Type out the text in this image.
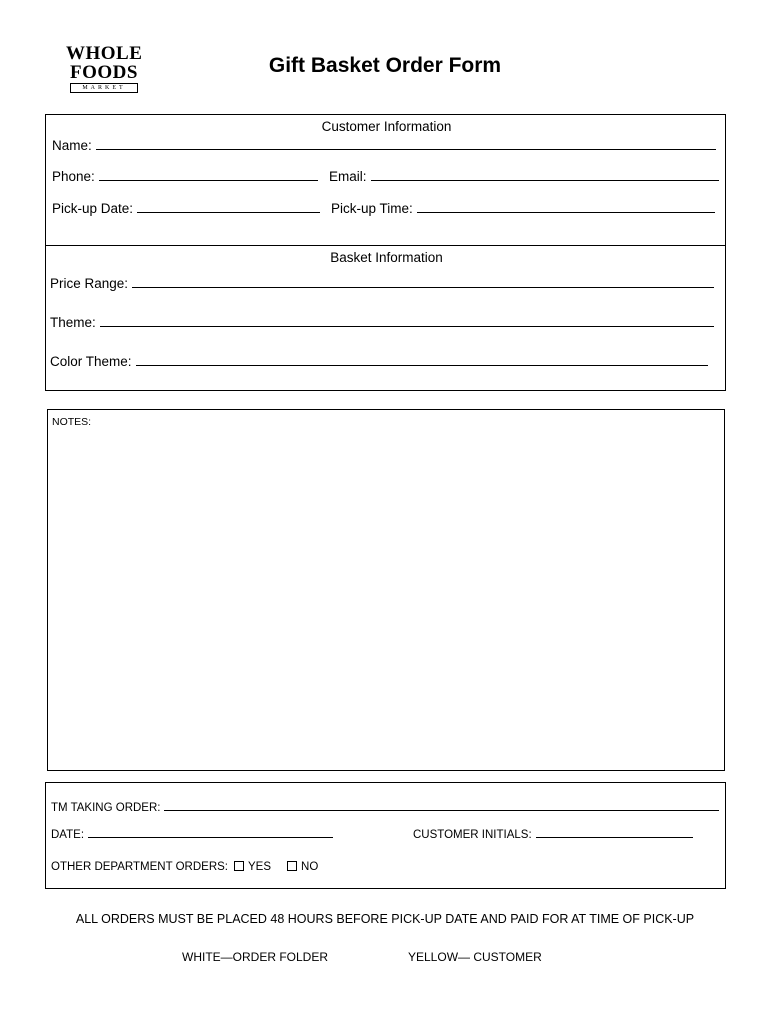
WHOLE
FOODS
MARKET
Gift Basket Order Form
Customer Information
Name:
Phone:	Email:
Pick-up Date:	Pick-up Time:
Basket Information
Price Range:
Theme:
Color Theme:
NOTES:
TM TAKING ORDER:
DATE:	CUSTOMER INITIALS:
OTHER DEPARTMENT ORDERS: YES	NO
ALL ORDERS MUST BE PLACED 48 HOURS BEFORE PICK-UP DATE AND PAID FOR AT TIME OF PICK-UP
WHITE—ORDER FOLDER	YELLOW— CUSTOMER
